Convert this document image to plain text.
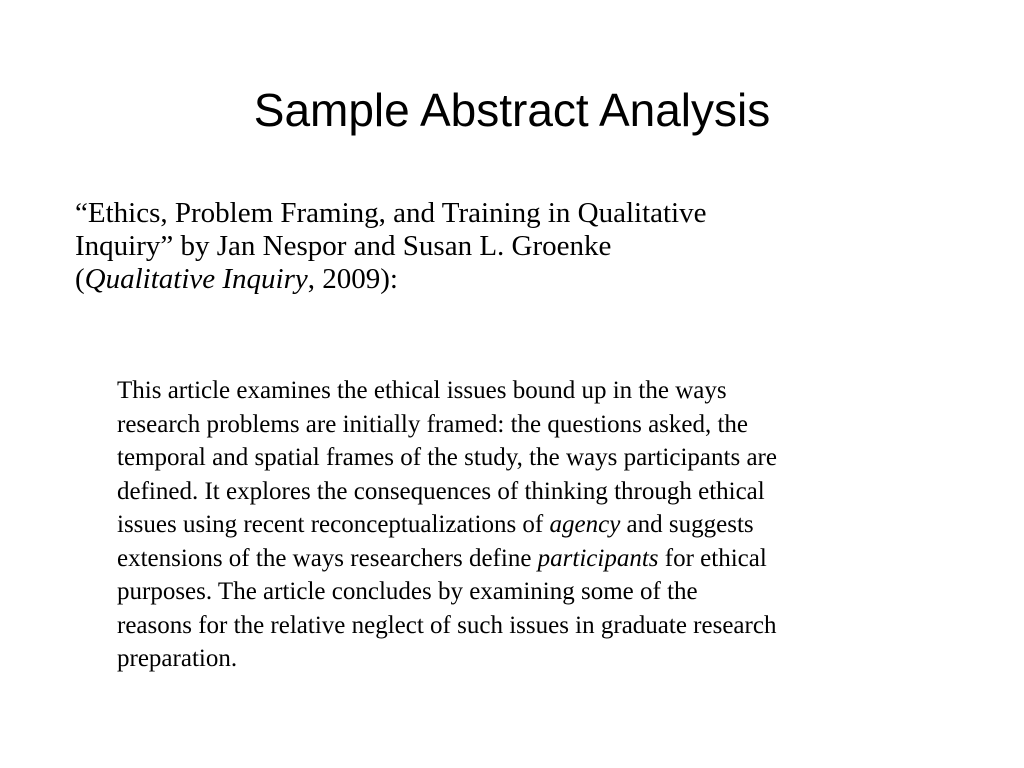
Sample Abstract Analysis
“Ethics, Problem Framing, and Training in Qualitative
Inquiry” by Jan Nespor and Susan L. Groenke
(Qualitative Inquiry, 2009):
This article examines the ethical issues bound up in the ways
research problems are initially framed: the questions asked, the
temporal and spatial frames of the study, the ways participants are
defined. It explores the consequences of thinking through ethical
issues using recent reconceptualizations of agency and suggests
extensions of the ways researchers define participants for ethical
purposes. The article concludes by examining some of the
reasons for the relative neglect of such issues in graduate research
preparation.
